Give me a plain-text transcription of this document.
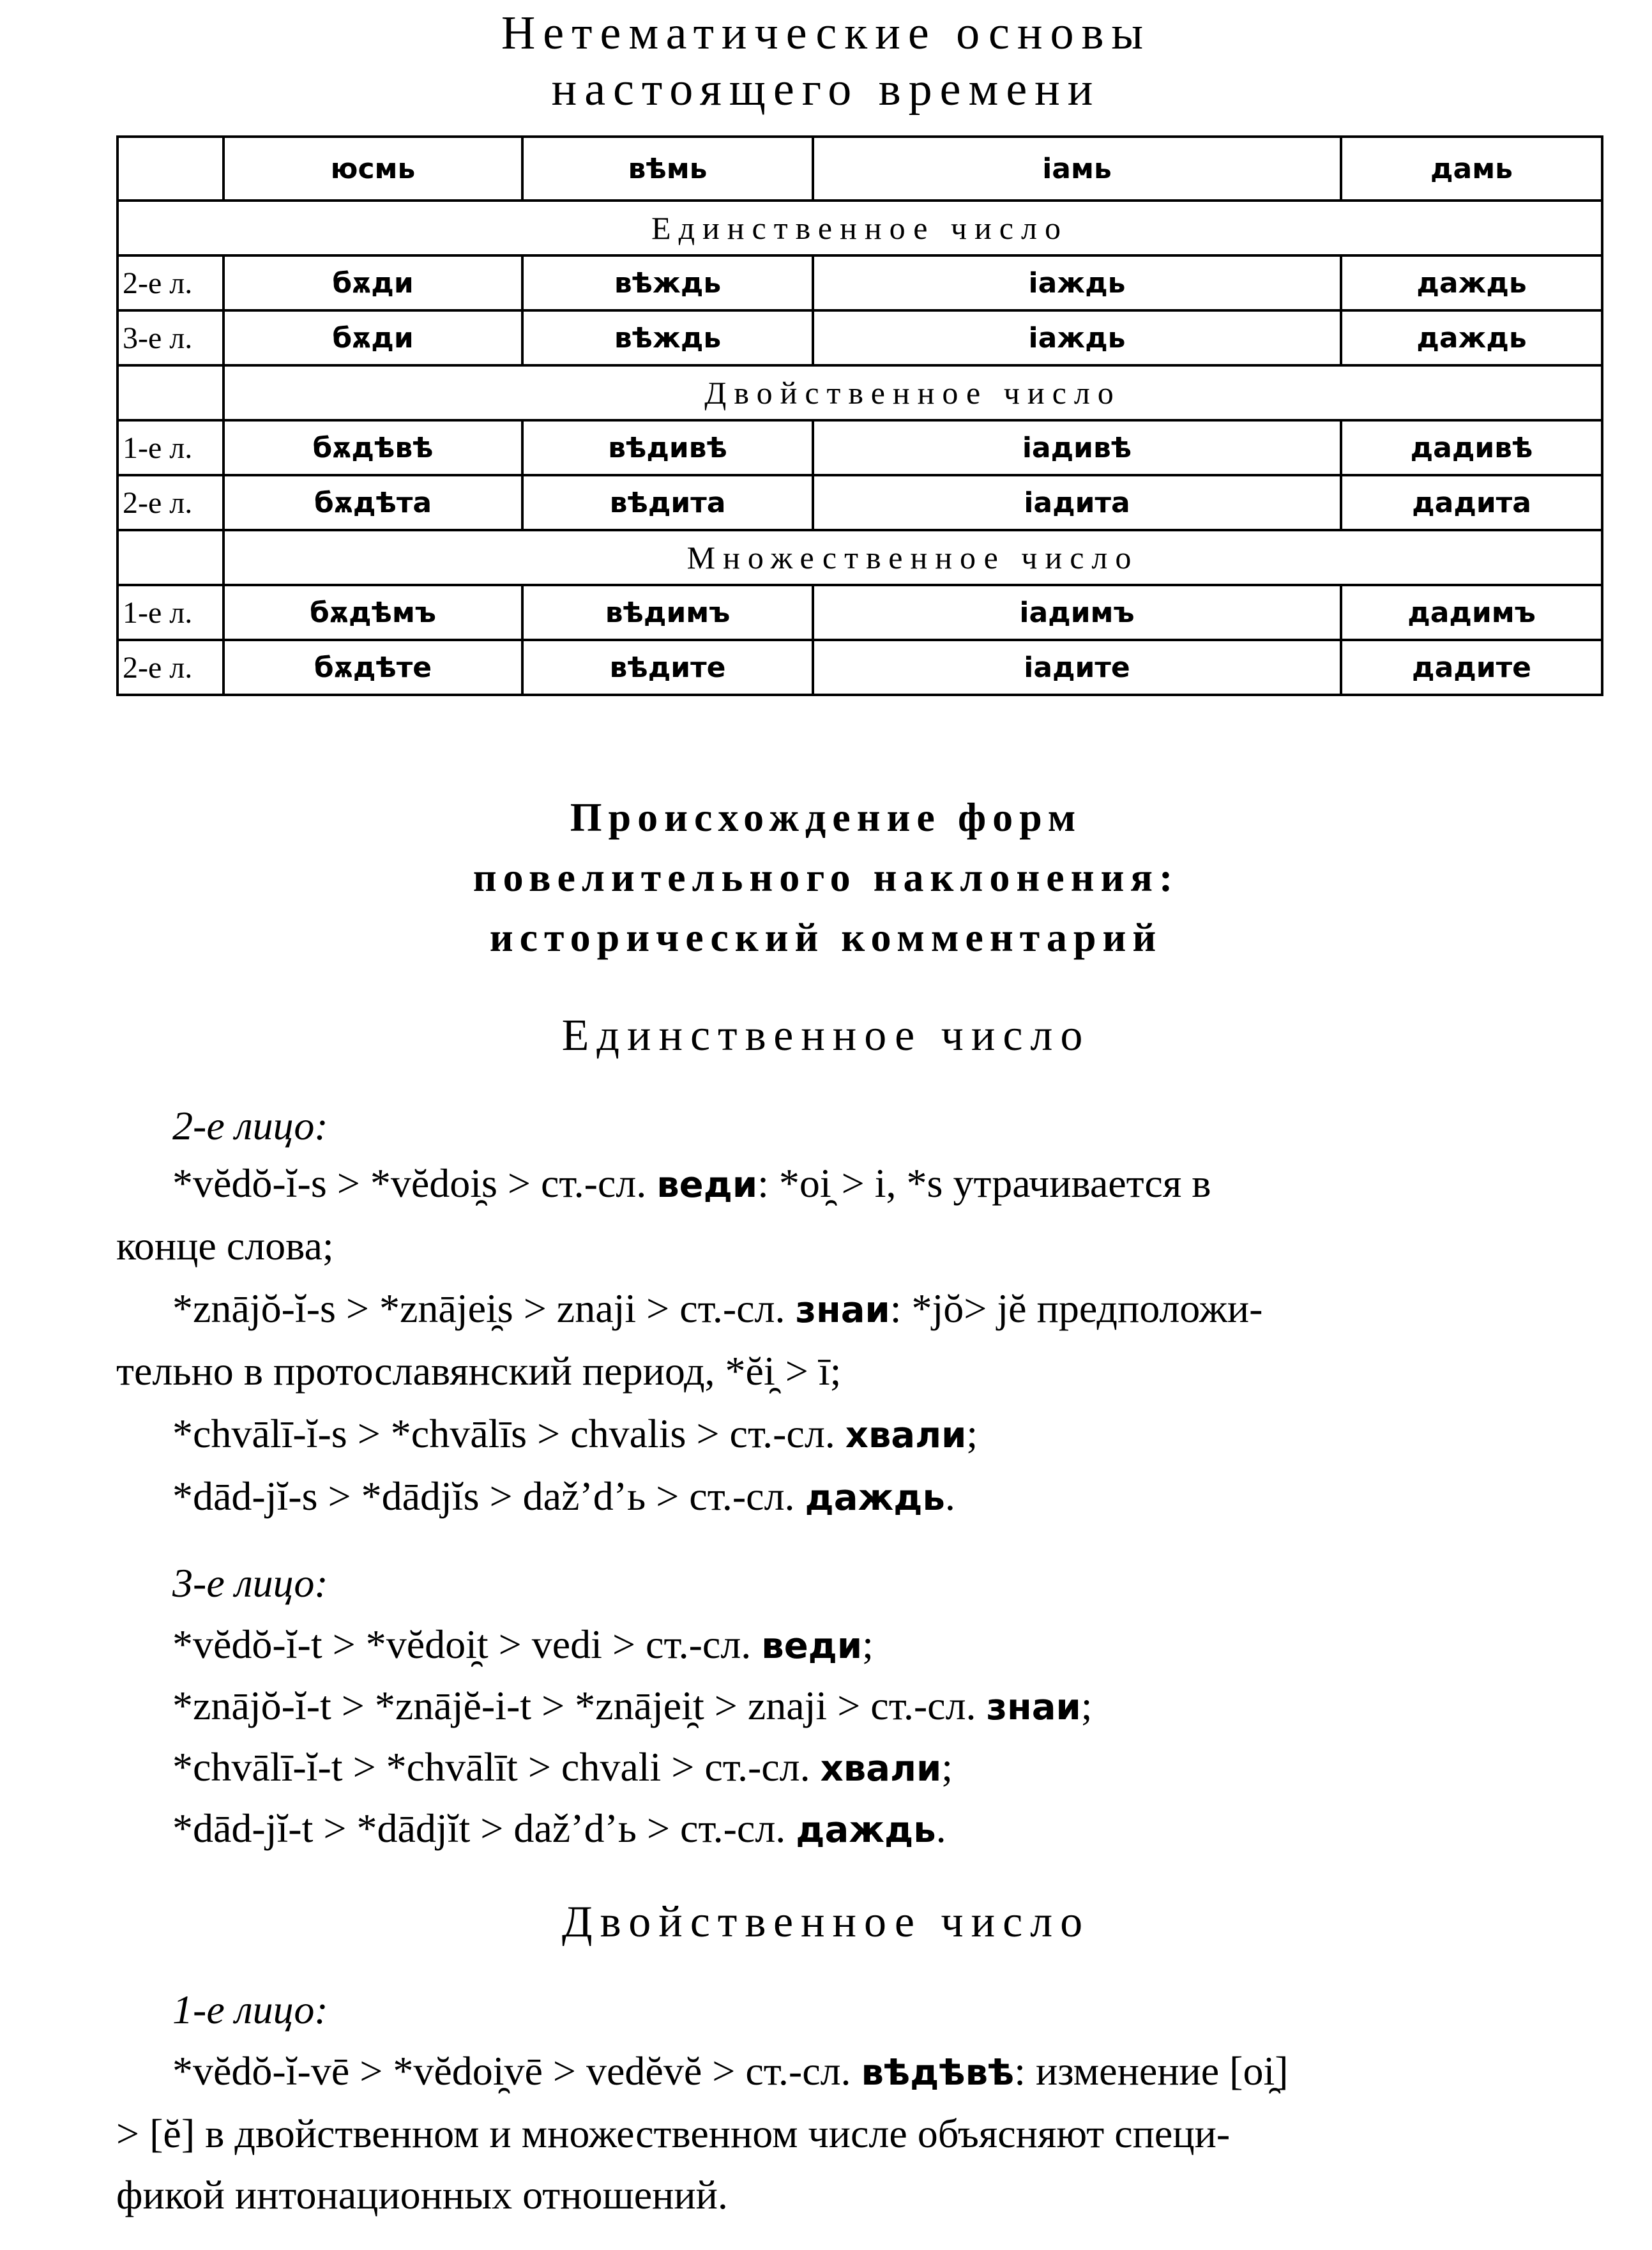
Нетематические основы
настоящего времени
	юсмь	вѣмь	іамь	дамь
Единственное число				
2-е л.	бѫди	вѣждь	іаждь	даждь
3-е л.	бѫди	вѣждь	іаждь	даждь
	Двойственное число			
1-е л.	бѫдѣвѣ	вѣдивѣ	іадивѣ	дадивѣ
2-е л.	бѫдѣта	вѣдита	іадита	дадита
	Множественное число			
1-е л.	бѫдѣмъ	вѣдимъ	іадимъ	дадимъ
2-е л.	бѫдѣте	вѣдите	іадите	дадите
Происхождение форм
повелительного наклонения:
исторический комментарий
Единственное число
2-е лицо:
*vĕdŏ-ĭ-s > *vĕdoi̯s > ст.-сл. веди: *oi̯ > i, *s утрачивается в
конце слова;
*znājŏ-ĭ-s > *znājei̯s > znaji > ст.-сл. знаи: *jŏ> jĕ предположи-
тельно в протославянский период, *ĕi̯ > ī;
*chvālī-ĭ-s > *chvālīs > chvalis > ст.-сл. хвали;
*dād-jĭ-s > *dādjĭs > daž’d’ь > ст.-сл. даждь.
3-е лицо:
*vĕdŏ-ĭ-t > *vĕdoi̯t > vedi > ст.-сл. веди;
*znājŏ-ĭ-t > *znājĕ-i-t > *znājei̯t > znaji > ст.-сл. знаи;
*chvālī-ĭ-t > *chvālīt > chvali > ст.-сл. хвали;
*dād-jĭ-t > *dādjĭt > daž’d’ь > ст.-сл. даждь.
Двойственное число
1-е лицо:
*vĕdŏ-ĭ-vē > *vĕdoi̯vē > vedĕvĕ > ст.-сл. вѣдѣвѣ: изменение [oi̯]
> [ĕ] в двойственном и множественном числе объясняют специ-
фикой интонационных отношений.
